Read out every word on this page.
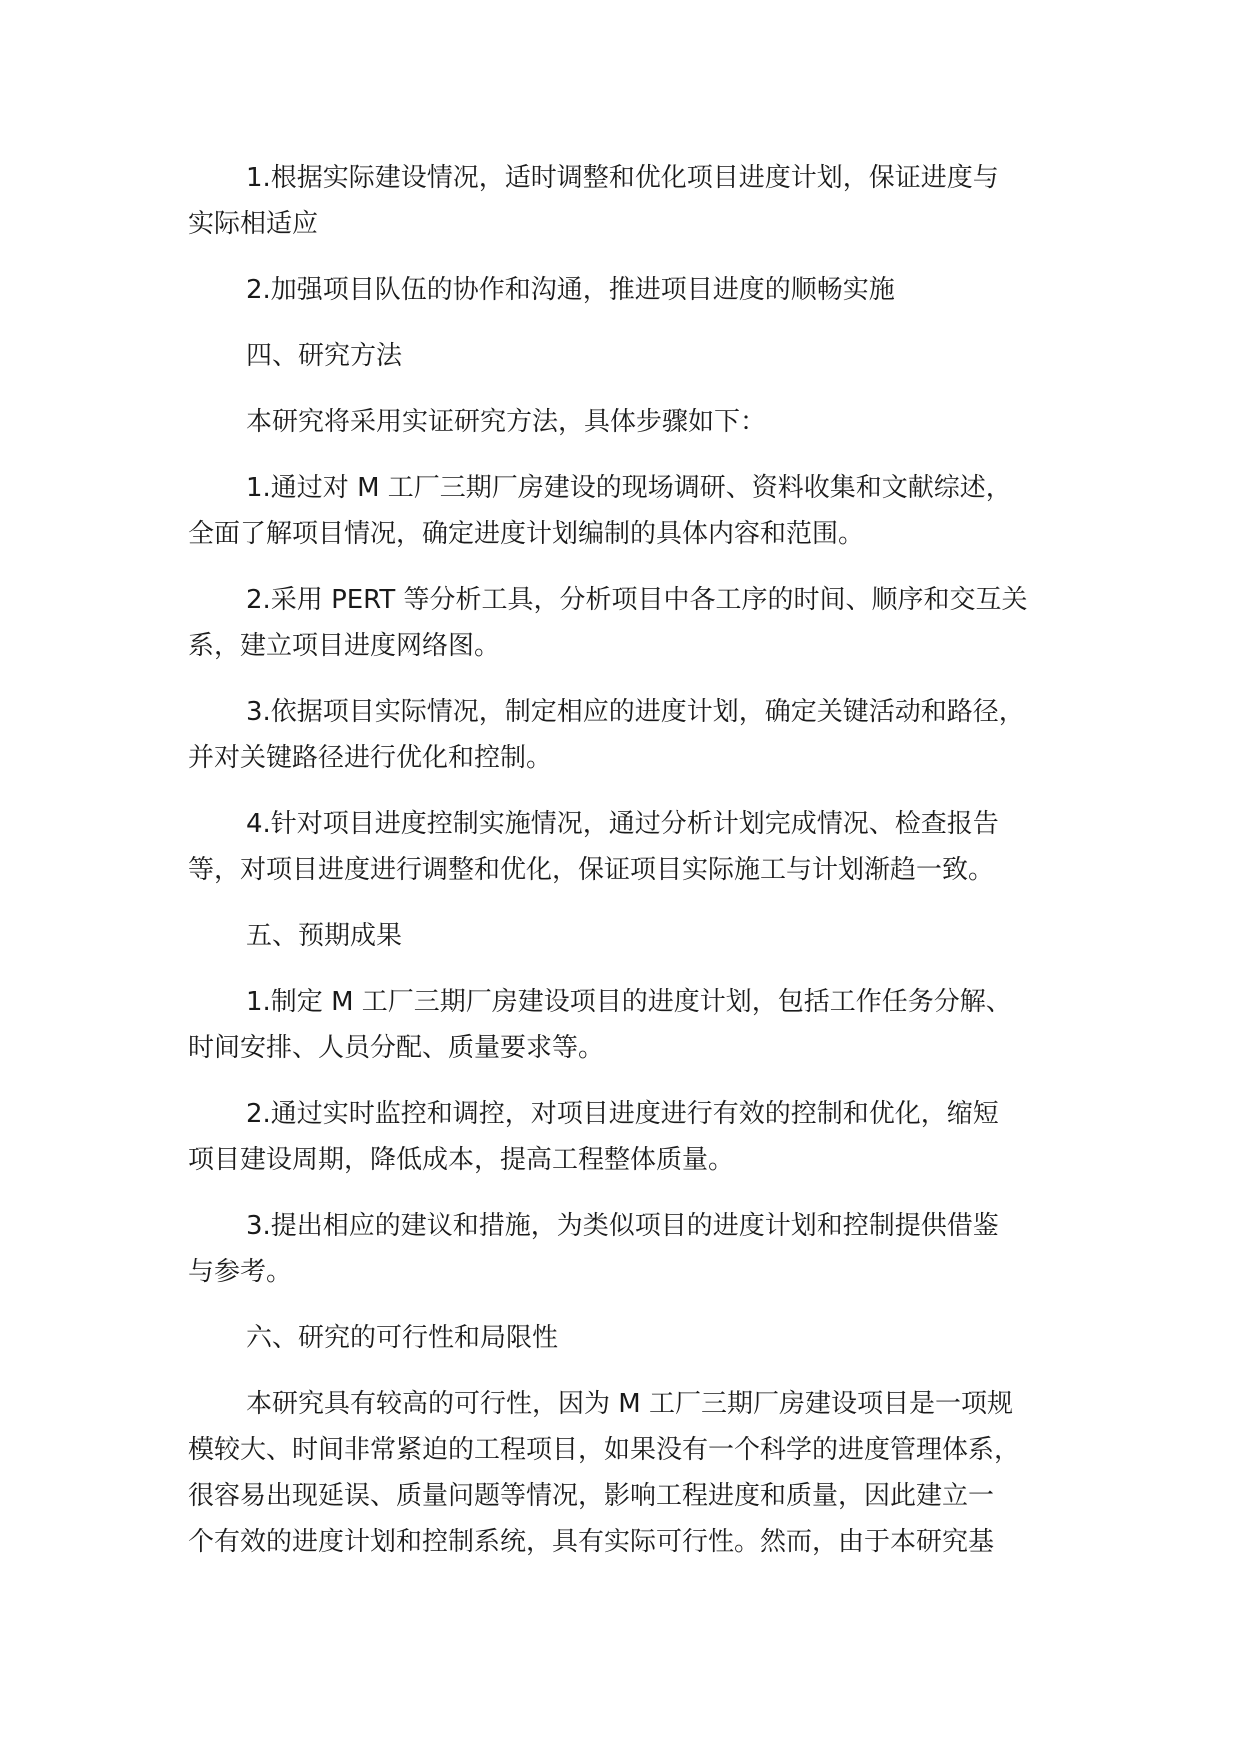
1.根据实际建设情况，适时调整和优化项目进度计划，保证进度与
实际相适应
2.加强项目队伍的协作和沟通，推进项目进度的顺畅实施
四、研究方法
本研究将采用实证研究方法，具体步骤如下：
1.通过对 M 工厂三期厂房建设的现场调研、资料收集和文献综述，
全面了解项目情况，确定进度计划编制的具体内容和范围。
2.采用 PERT 等分析工具，分析项目中各工序的时间、顺序和交互关
系，建立项目进度网络图。
3.依据项目实际情况，制定相应的进度计划，确定关键活动和路径，
并对关键路径进行优化和控制。
4.针对项目进度控制实施情况，通过分析计划完成情况、检查报告
等，对项目进度进行调整和优化，保证项目实际施工与计划渐趋一致。
五、预期成果
1.制定 M 工厂三期厂房建设项目的进度计划，包括工作任务分解、
时间安排、人员分配、质量要求等。
2.通过实时监控和调控，对项目进度进行有效的控制和优化，缩短
项目建设周期，降低成本，提高工程整体质量。
3.提出相应的建议和措施，为类似项目的进度计划和控制提供借鉴
与参考。
六、研究的可行性和局限性
本研究具有较高的可行性，因为 M 工厂三期厂房建设项目是一项规
模较大、时间非常紧迫的工程项目，如果没有一个科学的进度管理体系，
很容易出现延误、质量问题等情况，影响工程进度和质量，因此建立一
个有效的进度计划和控制系统，具有实际可行性。然而，由于本研究基
